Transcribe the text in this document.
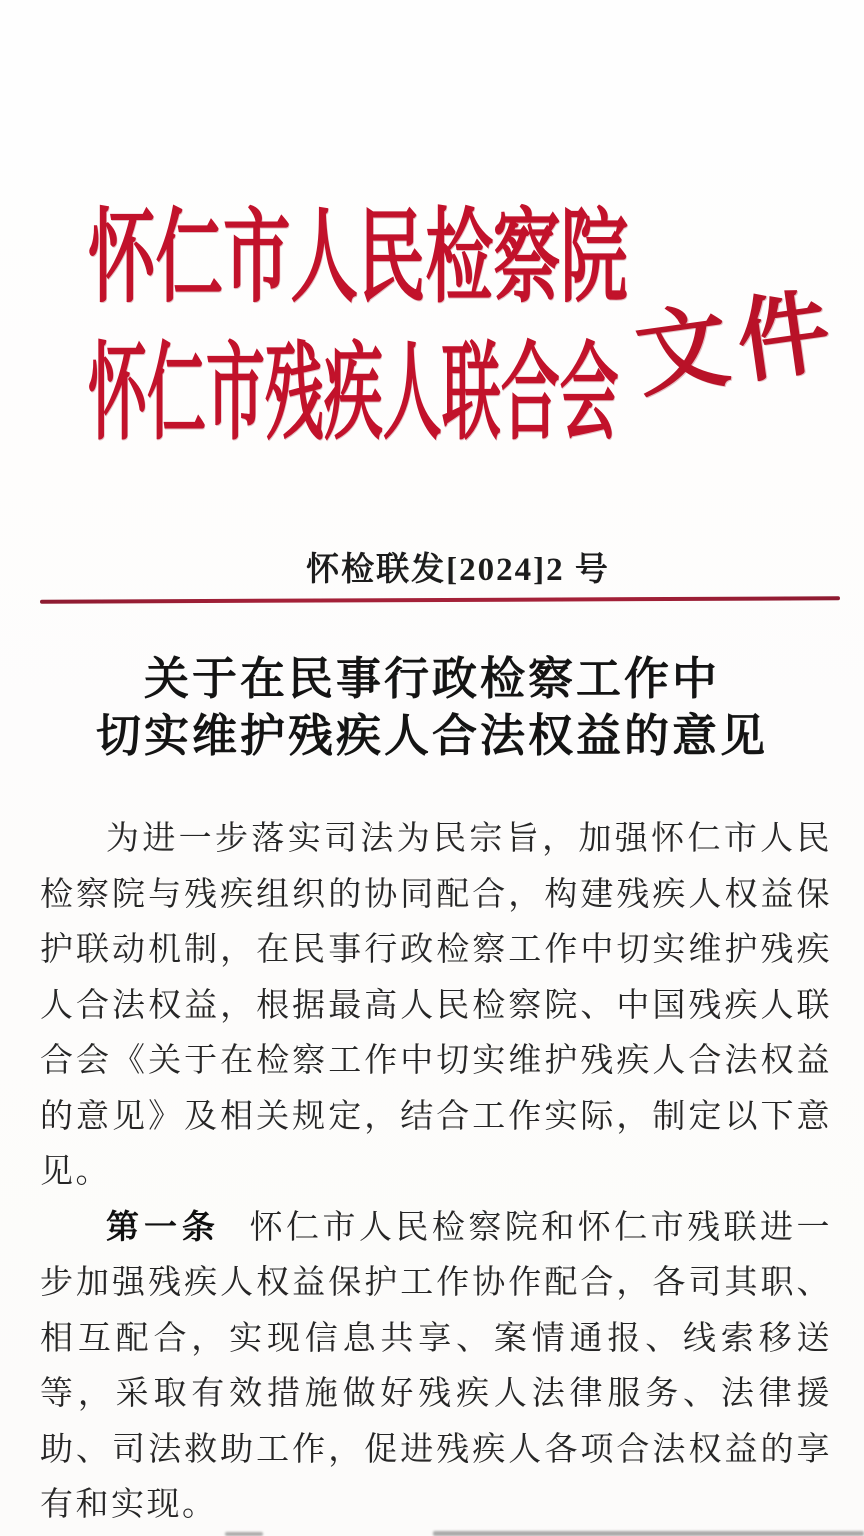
怀仁市人民检察院
怀仁市残疾人联合会 文件
怀检联发[2024]2 号
关于在民事行政检察工作中
切实维护残疾人合法权益的意见

为进一步落实司法为民宗旨，加强怀仁市人民检察院与残疾组织的协同配合，构建残疾人权益保护联动机制，在民事行政检察工作中切实维护残疾人合法权益，根据最高人民检察院、中国残疾人联合会《关于在检察工作中切实维护残疾人合法权益的意见》及相关规定，结合工作实际，制定以下意见。

第一条 怀仁市人民检察院和怀仁市残联进一步加强残疾人权益保护工作协作配合，各司其职、相互配合，实现信息共享、案情通报、线索移送等，采取有效措施做好残疾人法律服务、法律援助、司法救助工作，促进残疾人各项合法权益的享有和实现。
